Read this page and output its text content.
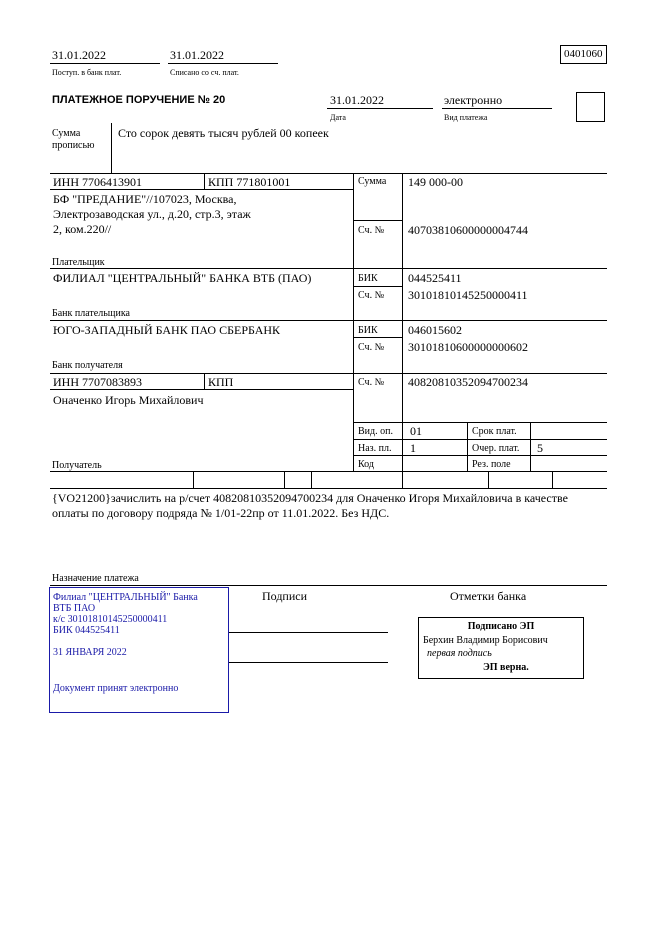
31.01.2022
Поступ. в банк плат.
31.01.2022
Списано со сч. плат.
0401060
ПЛАТЕЖНОЕ ПОРУЧЕНИЕ № 20	31.01.2022
Дата
электронно
Вид платежа
Сумма
прописью
Сто сорок девять тысяч рублей 00 копеек
ИНН 7706413901	КПП 771801001
БФ "ПРЕДАНИЕ"//107023, Москва,
Электрозаводская ул., д.20, стр.3, этаж
2, ком.220//
Плательщик
Сумма 149 000-00
Сч. № 40703810600000004744
ФИЛИАЛ "ЦЕНТРАЛЬНЫЙ" БАНКА ВТБ (ПАО)
Банк плательщика
БИК	044525411
Сч. № 30101810145250000411
ЮГО-ЗАПАДНЫЙ БАНК ПАО СБЕРБАНК
Банк получателя
БИК	046015602
Сч. № 30101810600000000602
ИНН 7707083893	КПП
Оначенко Игорь Михайлович
Получатель
Сч. № 40820810352094700234
Вид. оп. 01	Срок плат.
Наз. пл. 1	Очер. плат. 5
Код	Рез. поле
{VO21200}зачислить на р/счет 40820810352094700234 для Оначенко Игоря Михайловича в качестве
оплаты по договору подряда № 1/01-22пр от 11.01.2022. Без НДС.
Назначение платежа
Подписи	Отметки банка
Филиал "ЦЕНТРАЛЬНЫЙ" Банка
ВТБ ПАО
к/с 30101810145250000411
БИК 044525411
31 ЯНВАРЯ 2022
Документ принят электронно
Подписано ЭП
Берхин Владимир Борисович
первая подпись
ЭП верна.
